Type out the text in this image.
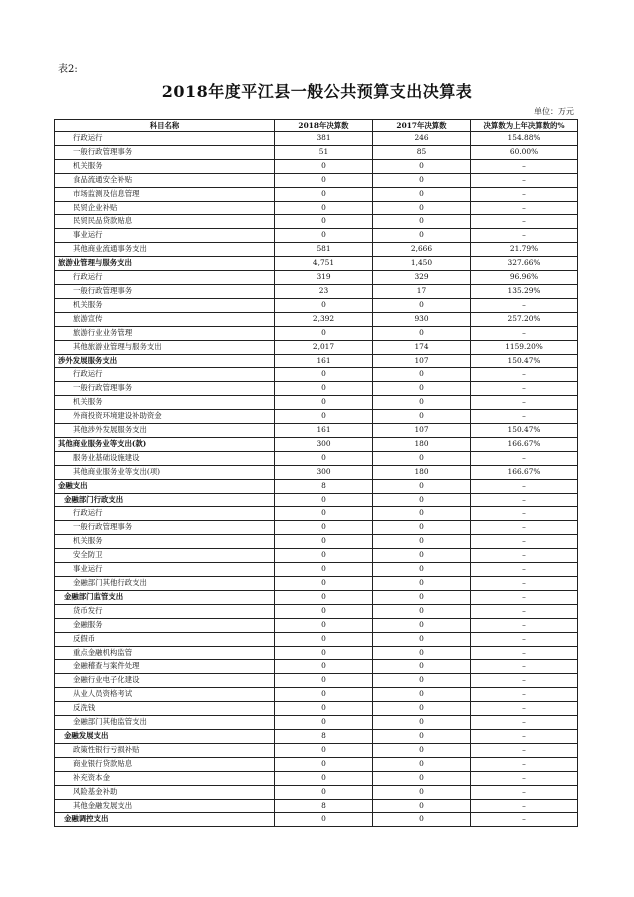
表2:
2018年度平江县一般公共预算支出决算表
单位：万元
科目名称	2018年决算数	2017年决算数	决算数为上年决算数的%
行政运行	381	246	154.88%
一般行政管理事务	51	85	60.00%
机关服务	0	0	–
食品流通安全补贴	0	0	–
市场监测及信息管理	0	0	–
民贸企业补贴	0	0	–
民贸民品贷款贴息	0	0	–
事业运行	0	0	–
其他商业流通事务支出	581	2,666	21.79%
旅游业管理与服务支出	4,751	1,450	327.66%
行政运行	319	329	96.96%
一般行政管理事务	23	17	135.29%
机关服务	0	0	–
旅游宣传	2,392	930	257.20%
旅游行业业务管理	0	0	–
其他旅游业管理与服务支出	2,017	174	1159.20%
涉外发展服务支出	161	107	150.47%
行政运行	0	0	–
一般行政管理事务	0	0	–
机关服务	0	0	–
外商投资环境建设补助资金	0	0	–
其他涉外发展服务支出	161	107	150.47%
其他商业服务业等支出(款)	300	180	166.67%
服务业基础设施建设	0	0	–
其他商业服务业等支出(项)	300	180	166.67%
金融支出	8	0	–
金融部门行政支出	0	0	–
行政运行	0	0	–
一般行政管理事务	0	0	–
机关服务	0	0	–
安全防卫	0	0	–
事业运行	0	0	–
金融部门其他行政支出	0	0	–
金融部门监管支出	0	0	–
货币发行	0	0	–
金融服务	0	0	–
反假币	0	0	–
重点金融机构监管	0	0	–
金融稽查与案件处理	0	0	–
金融行业电子化建设	0	0	–
从业人员资格考试	0	0	–
反洗钱	0	0	–
金融部门其他监管支出	0	0	–
金融发展支出	8	0	–
政策性银行亏损补贴	0	0	–
商业银行贷款贴息	0	0	–
补充资本金	0	0	–
风险基金补助	0	0	–
其他金融发展支出	8	0	–
金融调控支出	0	0	–
